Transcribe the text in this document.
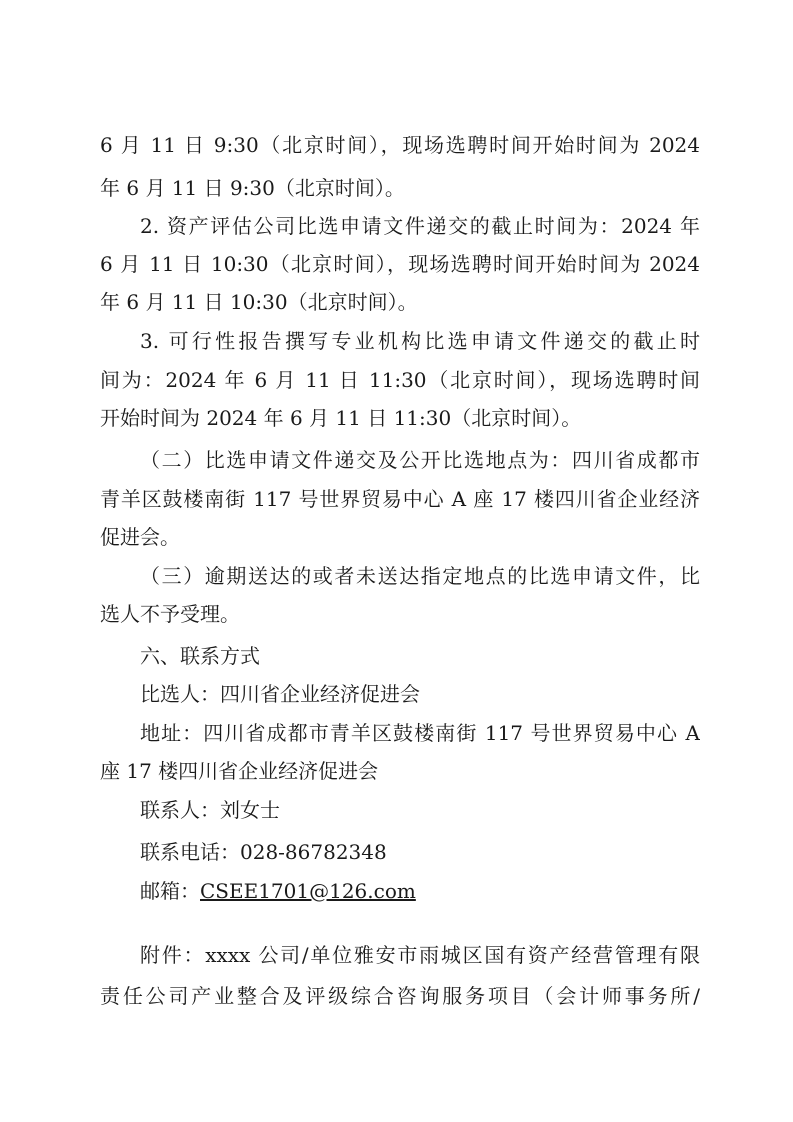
6 月 11 日 9:30（北京时间），现场选聘时间开始时间为 2024
年 6 月 11 日 9:30（北京时间）。
2. 资产评估公司比选申请文件递交的截止时间为：2024 年
6 月 11 日 10:30（北京时间），现场选聘时间开始时间为 2024
年 6 月 11 日 10:30（北京时间）。
3. 可行性报告撰写专业机构比选申请文件递交的截止时
间为：2024 年 6 月 11 日 11:30（北京时间），现场选聘时间
开始时间为 2024 年 6 月 11 日 11:30（北京时间）。
（二）比选申请文件递交及公开比选地点为：四川省成都市
青羊区鼓楼南街 117 号世界贸易中心 A 座 17 楼四川省企业经济
促进会。
（三）逾期送达的或者未送达指定地点的比选申请文件，比
选人不予受理。
六、联系方式
比选人：四川省企业经济促进会
地址：四川省成都市青羊区鼓楼南街 117 号世界贸易中心 A
座 17 楼四川省企业经济促进会
联系人：刘女士
联系电话：028-86782348
邮箱：CSEE1701@126.com
附件：xxxx 公司/单位雅安市雨城区国有资产经营管理有限
责任公司产业整合及评级综合咨询服务项目（会计师事务所/
